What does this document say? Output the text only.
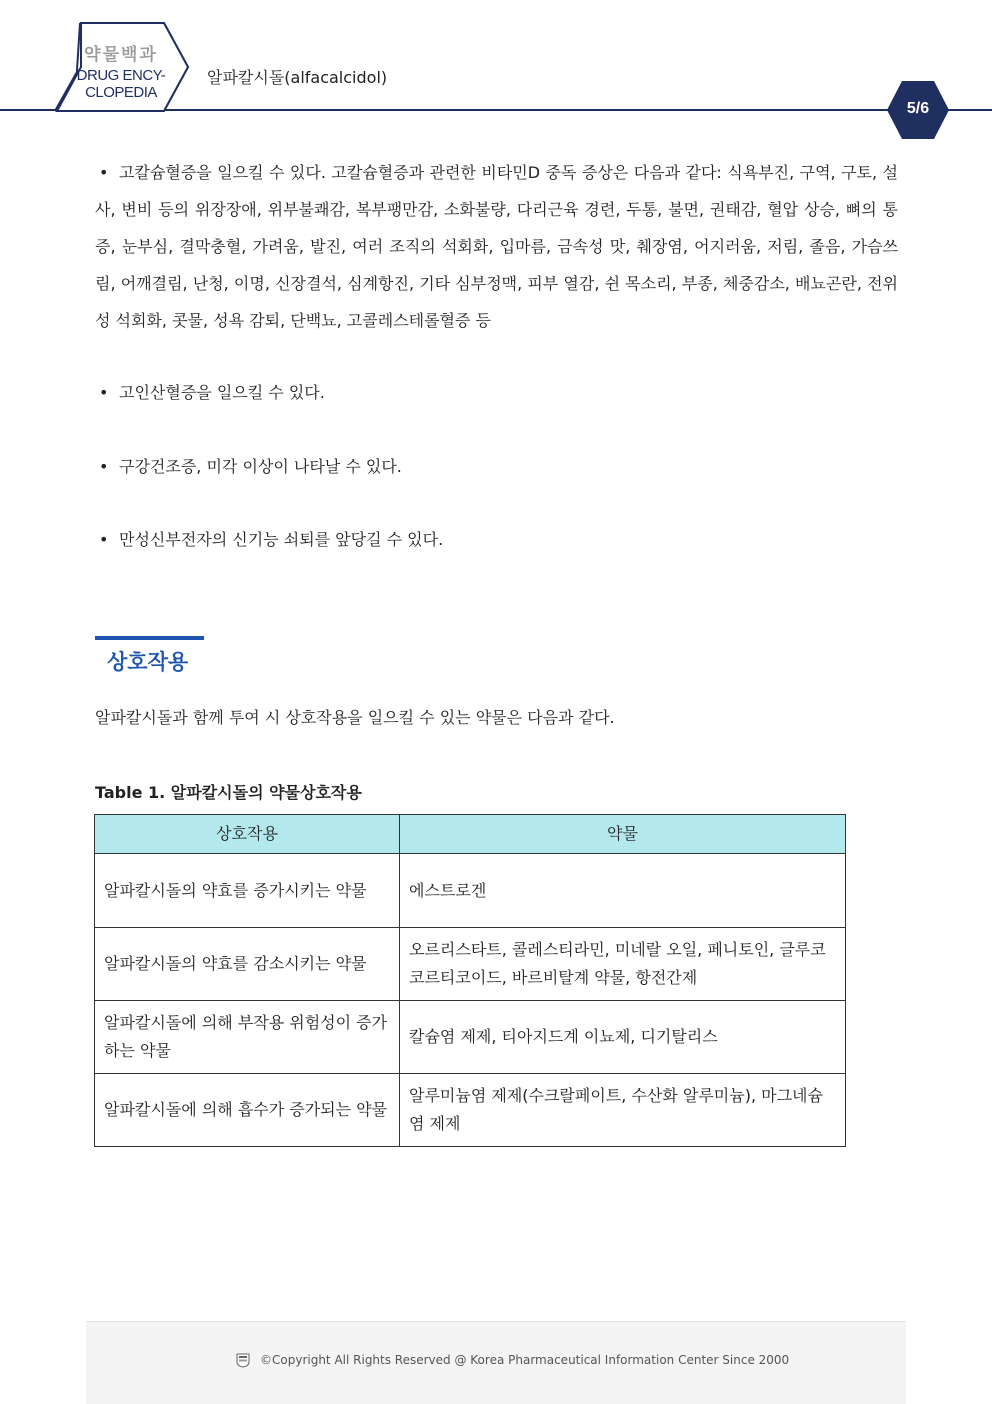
약물백과
DRUG ENCY-
CLOPEDIA
알파칼시돌(alfacalcidol)
5/6
• 고칼슘혈증을 일으킬 수 있다. 고칼슘혈증과 관련한 비타민D 중독 증상은 다음과 같다: 식욕부진, 구역, 구토, 설사, 변비 등의 위장장애, 위부불쾌감, 복부팽만감, 소화불량, 다리근육 경련, 두통, 불면, 권태감, 혈압 상승, 뼈의 통증, 눈부심, 결막충혈, 가려움, 발진, 여러 조직의 석회화, 입마름, 금속성 맛, 췌장염, 어지러움, 저림, 졸음, 가슴쓰림, 어깨결림, 난청, 이명, 신장결석, 심계항진, 기타 심부정맥, 피부 열감, 쉰 목소리, 부종, 체중감소, 배뇨곤란, 전위성 석회화, 콧물, 성욕 감퇴, 단백뇨, 고콜레스테롤혈증 등
• 고인산혈증을 일으킬 수 있다.
• 구강건조증, 미각 이상이 나타날 수 있다.
• 만성신부전자의 신기능 쇠퇴를 앞당길 수 있다.
상호작용
알파칼시돌과 함께 투여 시 상호작용을 일으킬 수 있는 약물은 다음과 같다.
Table 1. 알파칼시돌의 약물상호작용
상호작용	약물
알파칼시돌의 약효를 증가시키는 약물	에스트로겐
알파칼시돌의 약효를 감소시키는 약물	오르리스타트, 콜레스티라민, 미네랄 오일, 페니토인, 글루코코르티코이드, 바르비탈계 약물, 항전간제
알파칼시돌에 의해 부작용 위험성이 증가하는 약물	칼슘염 제제, 티아지드계 이뇨제, 디기탈리스
알파칼시돌에 의해 흡수가 증가되는 약물	알루미늄염 제제(수크랄페이트, 수산화 알루미늄), 마그네슘염 제제
©Copyright All Rights Reserved @ Korea Pharmaceutical Information Center Since 2000
